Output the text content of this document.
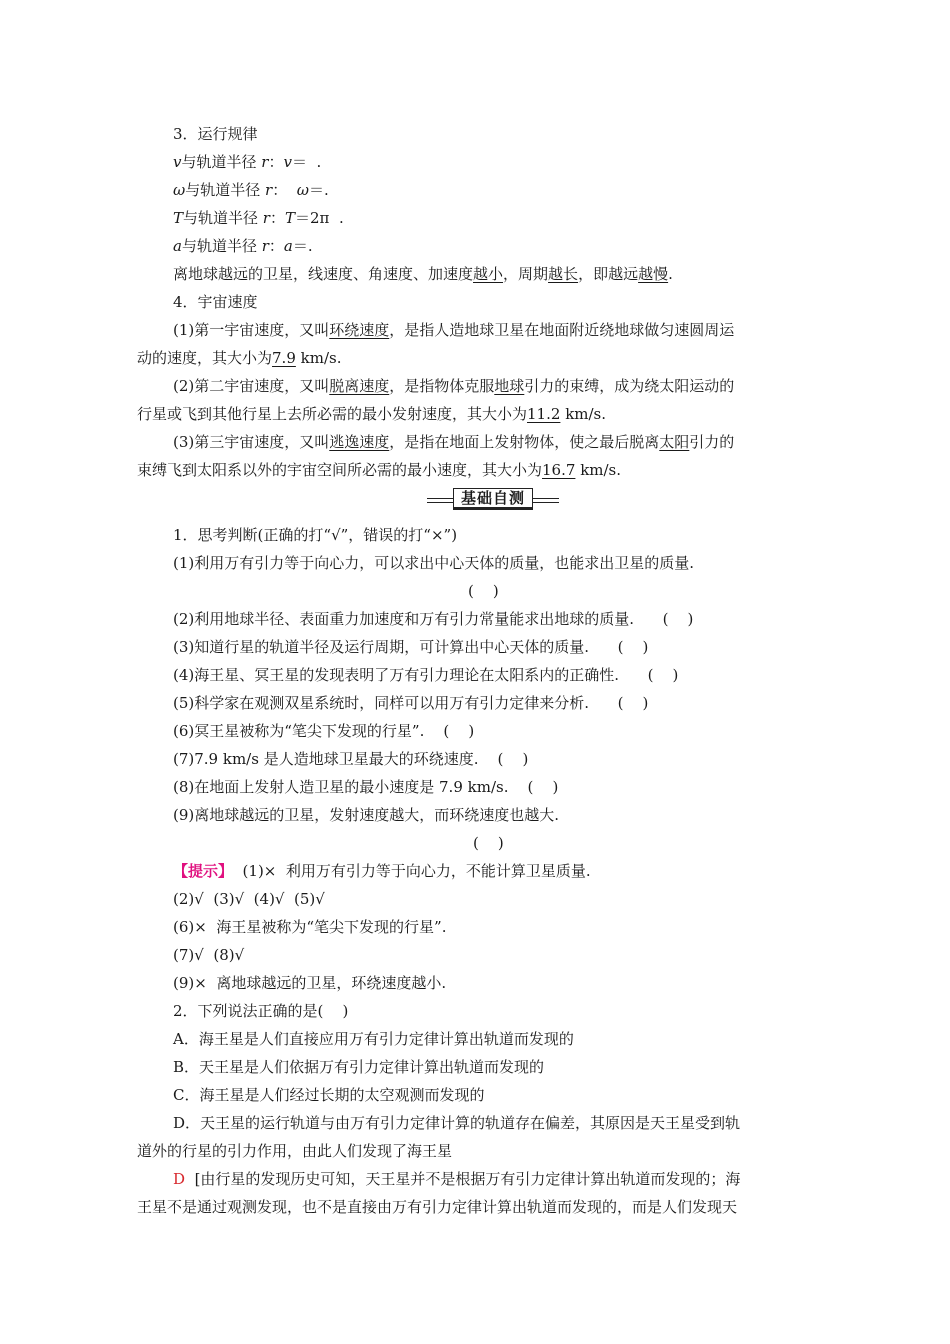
3．运行规律
v与轨道半径 r：v＝  .
ω与轨道半径 r：  ω＝.
T与轨道半径 r：T＝2π  .
a与轨道半径 r：a＝.
离地球越远的卫星，线速度、角速度、加速度越小，周期越长，即越远越慢.
4．宇宙速度
(1)第一宇宙速度，又叫环绕速度，是指人造地球卫星在地面附近绕地球做匀速圆周运
动的速度，其大小为7.9 km/s.
(2)第二宇宙速度，又叫脱离速度，是指物体克服地球引力的束缚，成为绕太阳运动的
行星或飞到其他行星上去所必需的最小发射速度，其大小为11.2 km/s.
(3)第三宇宙速度，又叫逃逸速度，是指在地面上发射物体，使之最后脱离太阳引力的
束缚飞到太阳系以外的宇宙空间所必需的最小速度，其大小为16.7 km/s.
基础自测
1．思考判断(正确的打“√”，错误的打“×”)
(1)利用万有引力等于向心力，可以求出中心天体的质量，也能求出卫星的质量.
(    )
(2)利用地球半径、表面重力加速度和万有引力常量能求出地球的质量.      (    )
(3)知道行星的轨道半径及运行周期，可计算出中心天体的质量.      (    )
(4)海王星、冥王星的发现表明了万有引力理论在太阳系内的正确性.      (    )
(5)科学家在观测双星系统时，同样可以用万有引力定律来分析.      (    )
(6)冥王星被称为“笔尖下发现的行星”.    (    )
(7)7.9 km/s 是人造地球卫星最大的环绕速度.    (    )
(8)在地面上发射人造卫星的最小速度是 7.9 km/s.    (    )
(9)离地球越远的卫星，发射速度越大，而环绕速度也越大.
(    )
【提示】  (1)×  利用万有引力等于向心力，不能计算卫星质量.
(2)√  (3)√  (4)√  (5)√
(6)×  海王星被称为“笔尖下发现的行星”.
(7)√  (8)√
(9)×  离地球越远的卫星，环绕速度越小.
2．下列说法正确的是(    )
A．海王星是人们直接应用万有引力定律计算出轨道而发现的
B．天王星是人们依据万有引力定律计算出轨道而发现的
C．海王星是人们经过长期的太空观测而发现的
D．天王星的运行轨道与由万有引力定律计算的轨道存在偏差，其原因是天王星受到轨
道外的行星的引力作用，由此人们发现了海王星
D  [由行星的发现历史可知，天王星并不是根据万有引力定律计算出轨道而发现的；海
王星不是通过观测发现，也不是直接由万有引力定律计算出轨道而发现的，而是人们发现天
